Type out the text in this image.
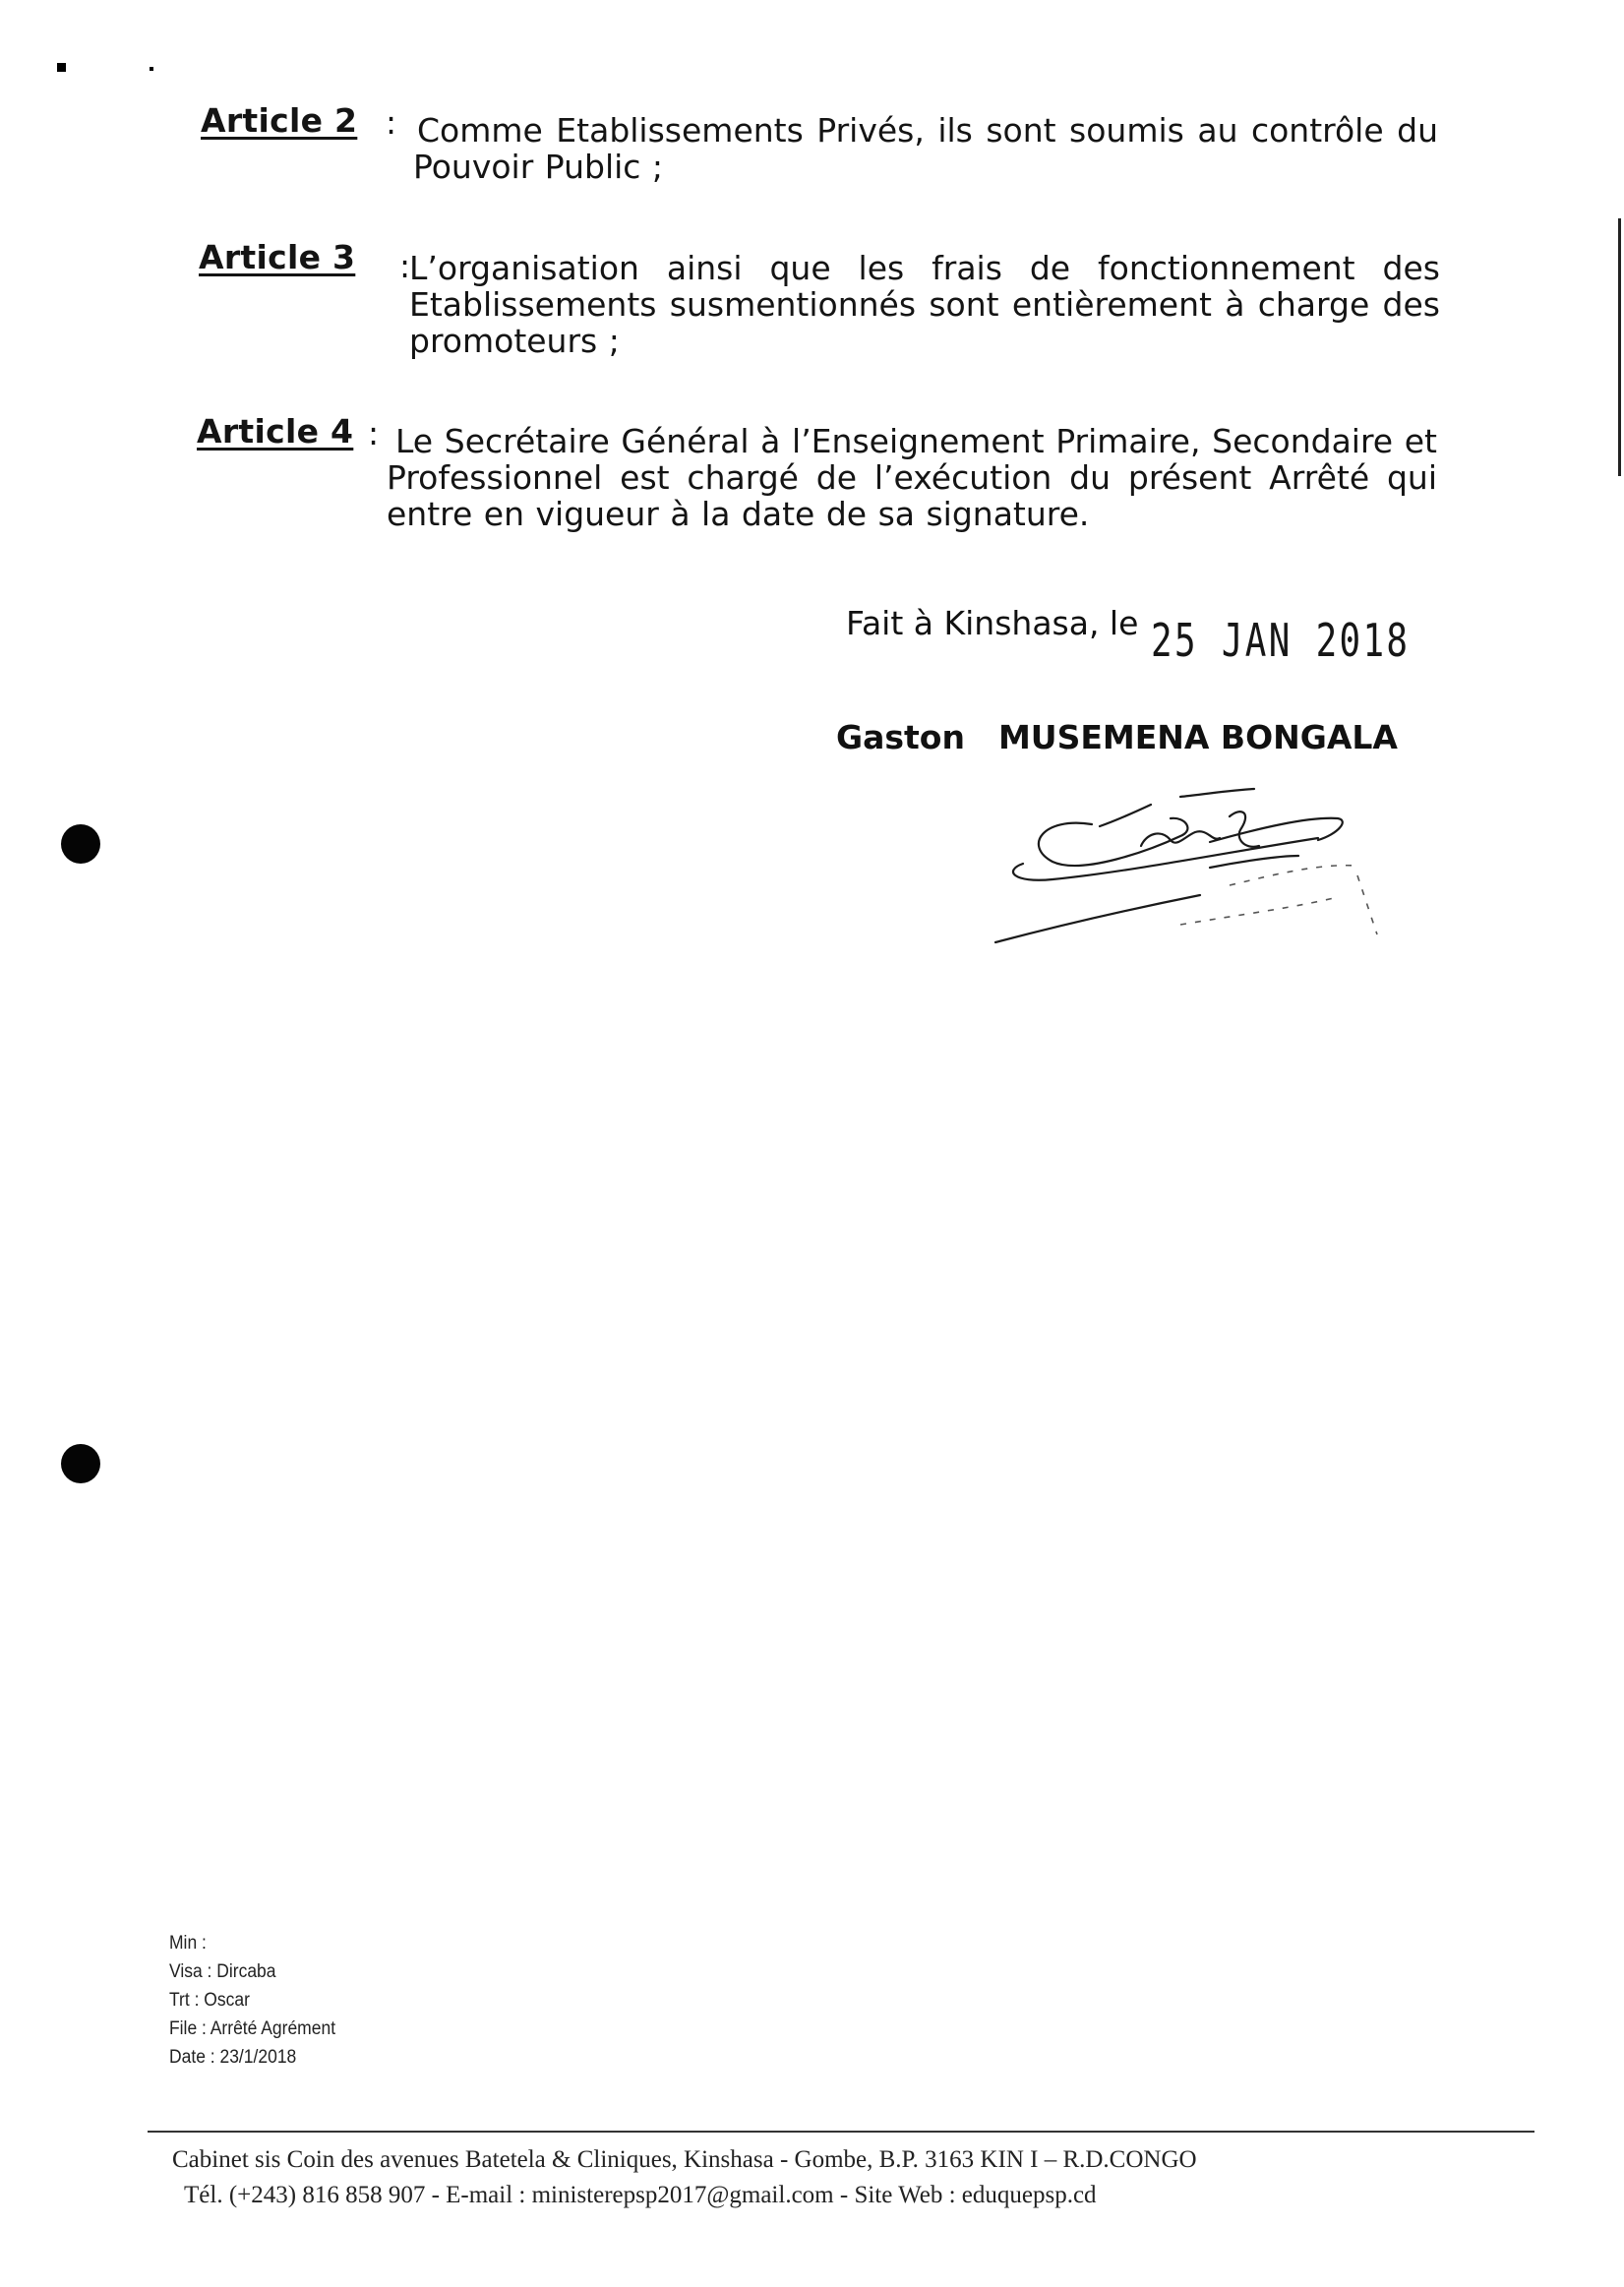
Article 2 : Comme Etablissements Privés, ils sont soumis au contrôle du Pouvoir Public ;
Article 3 :
L’organisation ainsi que les frais de fonctionnement des Etablissements susmentionnés sont entièrement à charge des promoteurs ;
Article 4 : Le Secrétaire Général à l’Enseignement Primaire, Secondaire et Professionnel est chargé de l’exécution du présent Arrêté qui entre en vigueur à la date de sa signature.
Fait à Kinshasa, le 25 JAN 2018
Gaston MUSEMENA BONGALA
Min :
Visa : Dircaba
Trt : Oscar
File : Arrêté Agrément
Date : 23/1/2018
Cabinet sis Coin des avenues Batetela & Cliniques, Kinshasa - Gombe, B.P. 3163 KIN I – R.D.CONGO
Tél. (+243) 816 858 907 - E-mail : ministerepsp2017@gmail.com - Site Web : eduquepsp.cd
